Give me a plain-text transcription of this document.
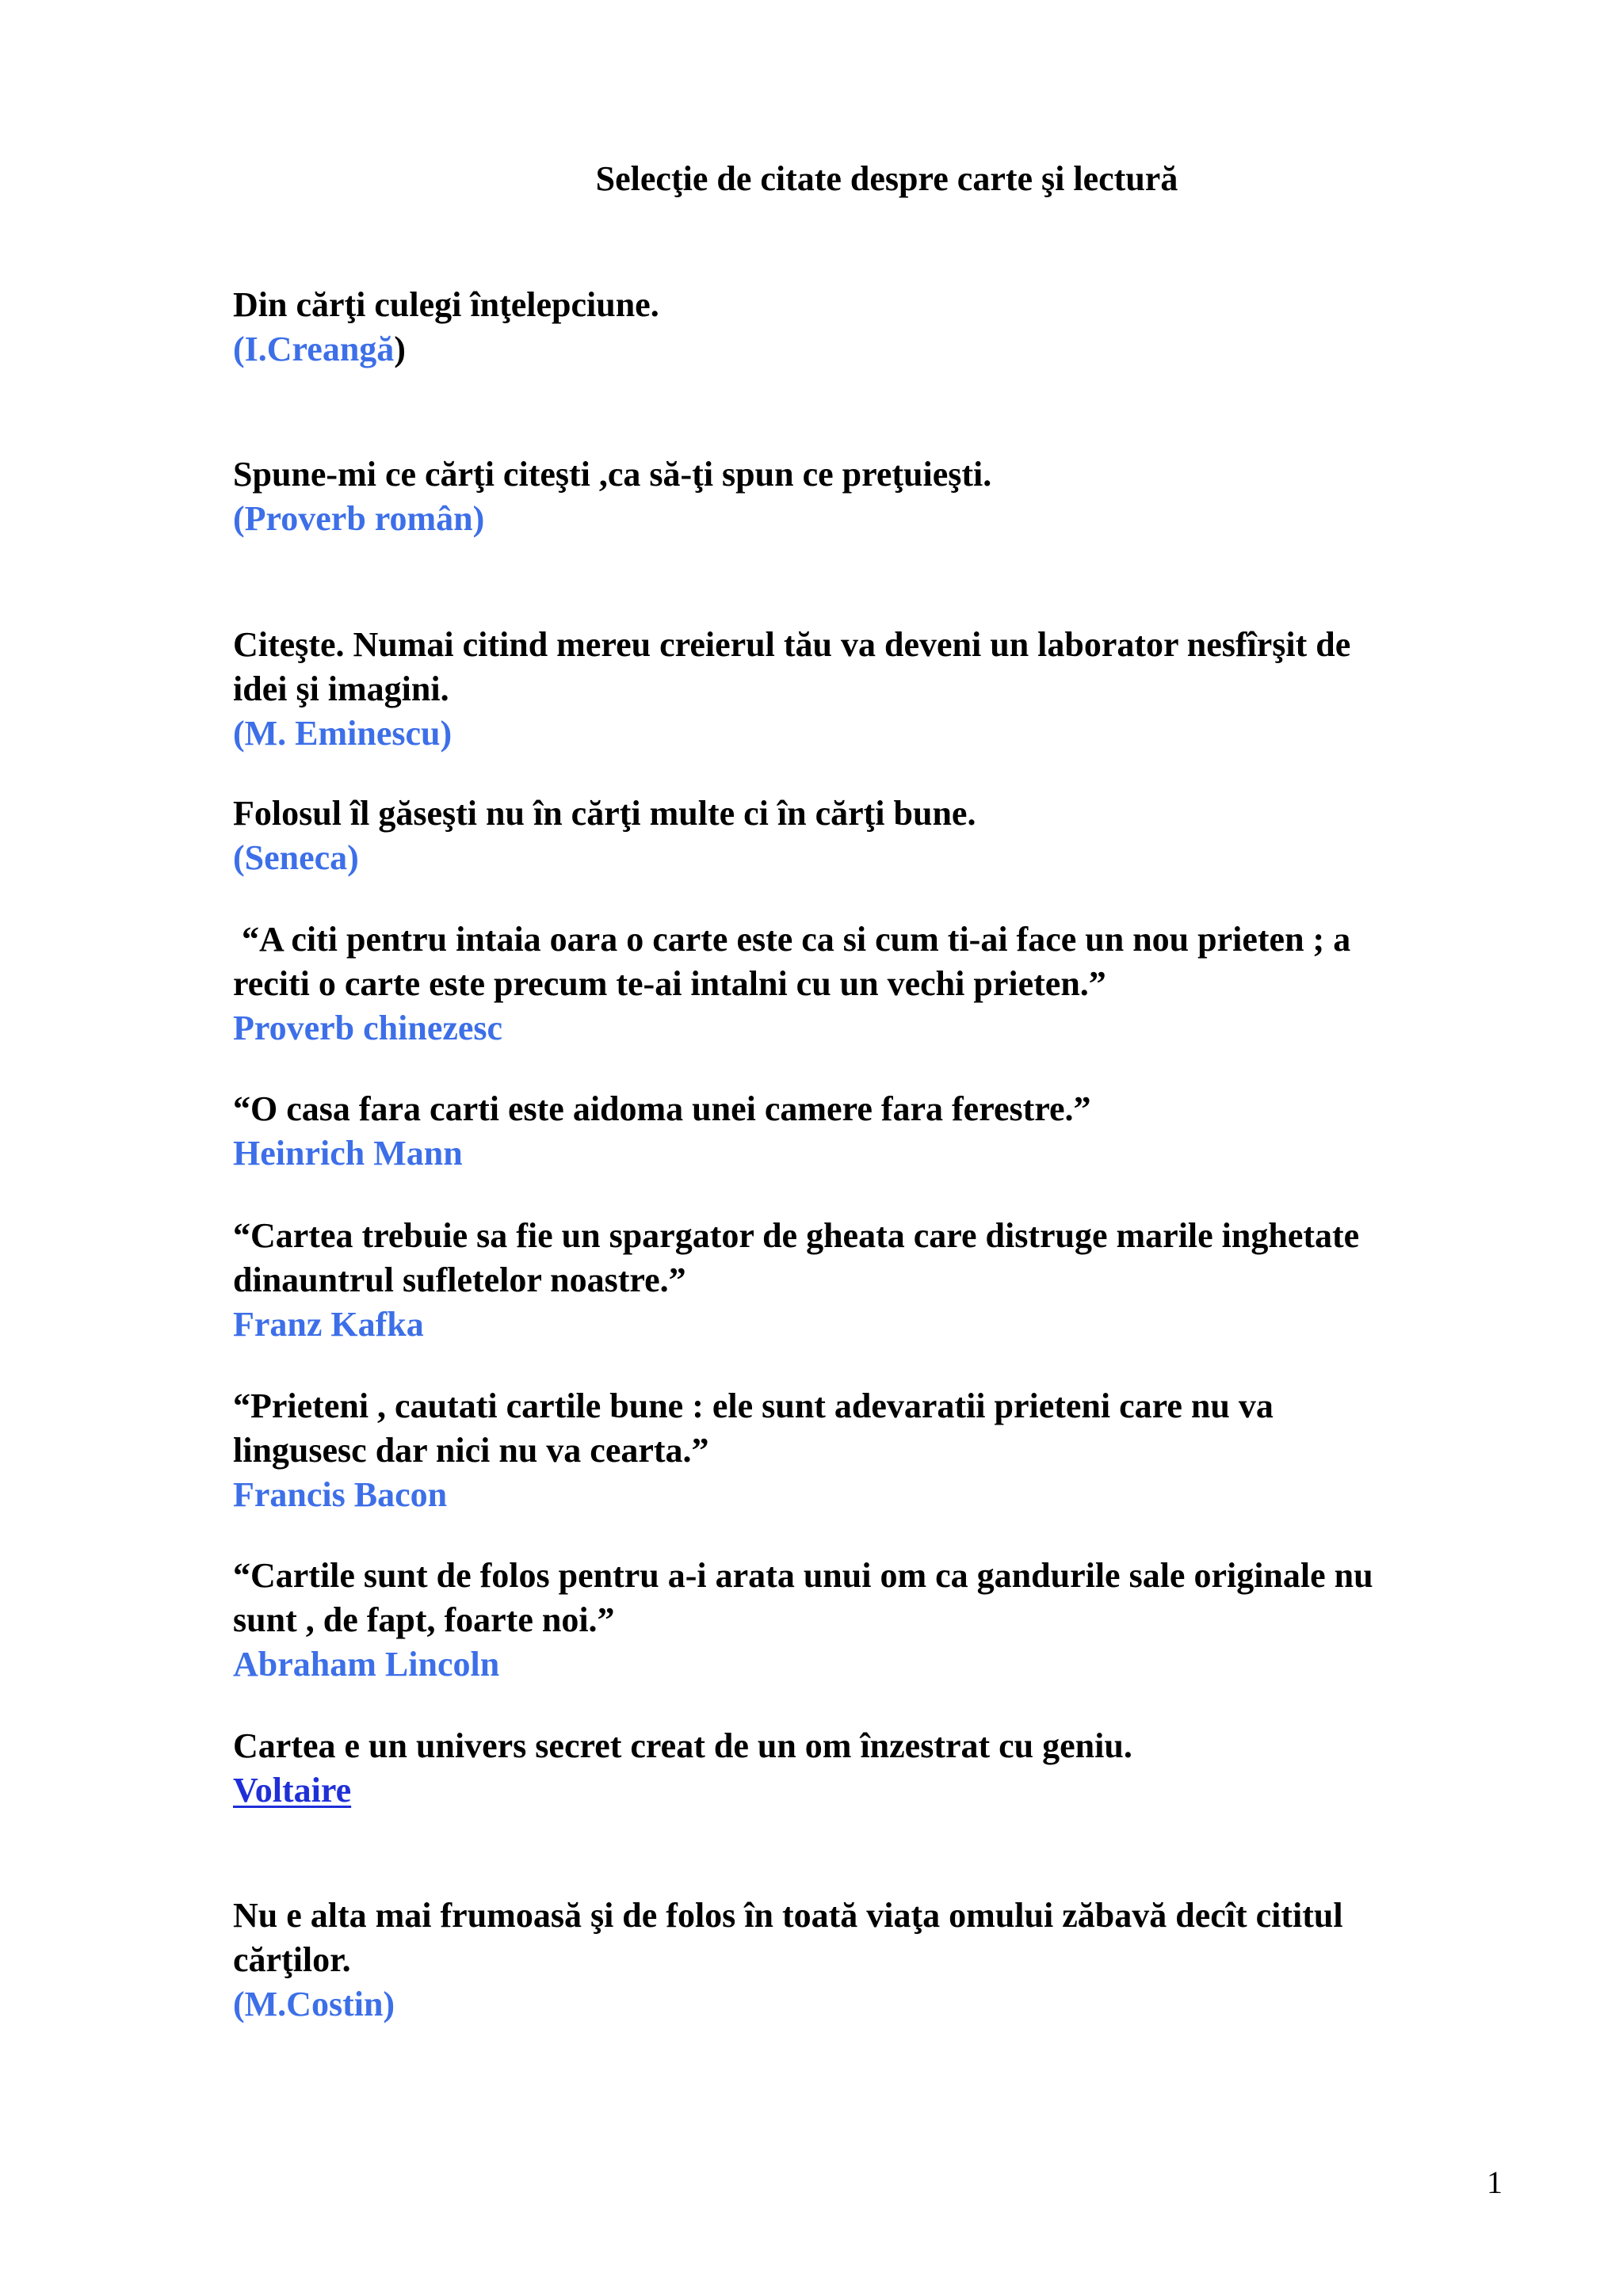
Selecţie de citate despre carte şi lectură

Din cărţi culegi înţelepciune.

(I.Creangă)

Spune-mi ce cărţi citeşti ,ca să-ţi spun ce preţuieşti.

(Proverb român)

Citeşte. Numai citind mereu creierul tău va deveni un laborator nesfîrşit de

idei şi imagini.

(M. Eminescu)

Folosul îl găseşti nu în cărţi multe ci în cărţi bune.

(Seneca)

“A citi pentru intaia oara o carte este ca si cum ti-ai face un nou prieten ; a

reciti o carte este precum te-ai intalni cu un vechi prieten.”

Proverb chinezesc

“O casa fara carti este aidoma unei camere fara ferestre.”

Heinrich Mann

“Cartea trebuie sa fie un spargator de gheata care distruge marile inghetate

dinauntrul sufletelor noastre.”

Franz Kafka

“Prieteni , cautati cartile bune : ele sunt adevaratii prieteni care nu va

lingusesc dar nici nu va cearta.”

Francis Bacon

“Cartile sunt de folos pentru a-i arata unui om ca gandurile sale originale nu

sunt , de fapt, foarte noi.”

Abraham Lincoln

Cartea e un univers secret creat de un om înzestrat cu geniu.

Voltaire

Nu e alta mai frumoasă şi de folos în toată viaţa omului zăbavă decît cititul

cărţilor.

(M.Costin)

1
